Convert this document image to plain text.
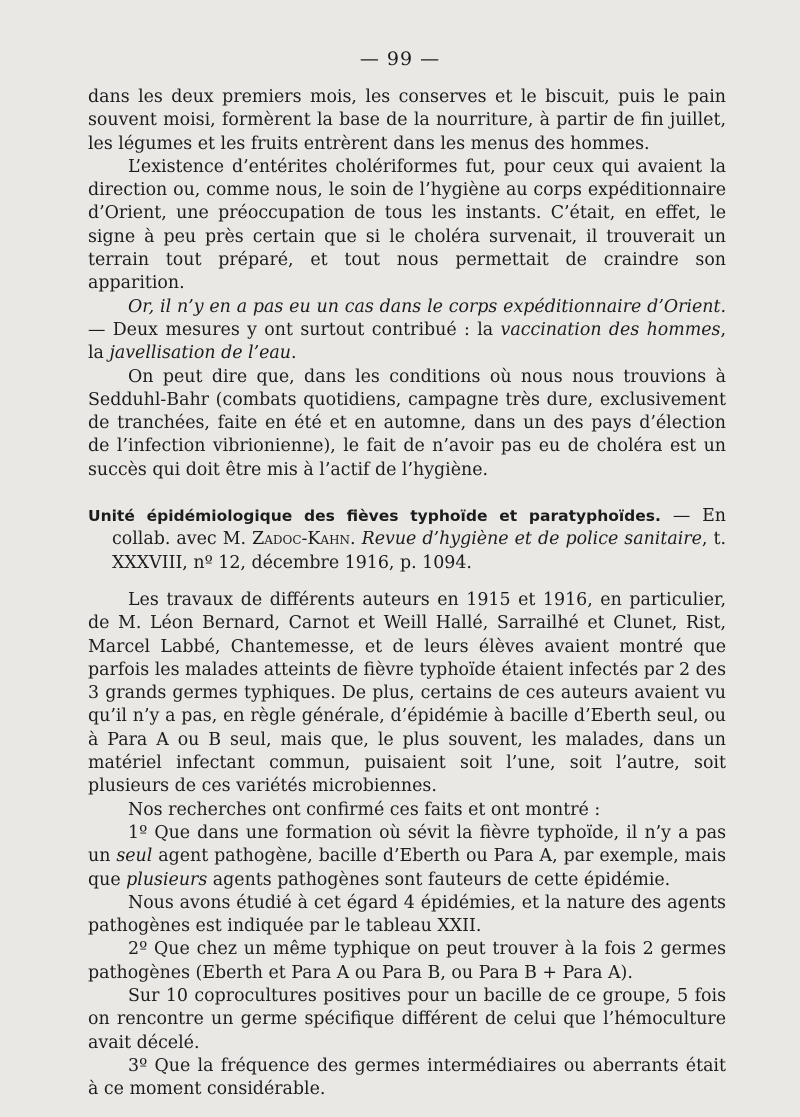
— 99 —

dans les deux premiers mois, les conserves et le biscuit, puis le pain souvent moisi, formèrent la base de la nourriture, à partir de fin juillet, les légumes et les fruits entrèrent dans les menus des hommes.

L’existence d’entérites cholériformes fut, pour ceux qui avaient la direction ou, comme nous, le soin de l’hygiène au corps expéditionnaire d’Orient, une préoccupation de tous les instants. C’était, en effet, le signe à peu près certain que si le choléra survenait, il trouverait un terrain tout préparé, et tout nous permettait de craindre son apparition.

Or, il n’y en a pas eu un cas dans le corps expéditionnaire d’Orient. — Deux mesures y ont surtout contribué : la vaccination des hommes, la javellisation de l’eau.

On peut dire que, dans les conditions où nous nous trouvions à Sedduhl-Bahr (combats quotidiens, campagne très dure, exclusivement de tranchées, faite en été et en automne, dans un des pays d’élection de l’infection vibrionienne), le fait de n’avoir pas eu de choléra est un succès qui doit être mis à l’actif de l’hygiène.

Unité épidémiologique des fièves typhoïde et paratyphoïdes. — En collab. avec M. Zadoc-Kahn. Revue d’hygiène et de police sanitaire, t. XXXVIII, nº 12, décembre 1916, p. 1094.

Les travaux de différents auteurs en 1915 et 1916, en particulier, de M. Léon Bernard, Carnot et Weill Hallé, Sarrailhé et Clunet, Rist, Marcel Labbé, Chantemesse, et de leurs élèves avaient montré que parfois les malades atteints de fièvre typhoïde étaient infectés par 2 des 3 grands germes typhiques. De plus, certains de ces auteurs avaient vu qu’il n’y a pas, en règle générale, d’épidémie à bacille d’Eberth seul, ou à Para A ou B seul, mais que, le plus souvent, les malades, dans un matériel infectant commun, puisaient soit l’une, soit l’autre, soit plusieurs de ces variétés microbiennes.

Nos recherches ont confirmé ces faits et ont montré :

1º Que dans une formation où sévit la fièvre typhoïde, il n’y a pas un seul agent pathogène, bacille d’Eberth ou Para A, par exemple, mais que plusieurs agents pathogènes sont fauteurs de cette épidémie.

Nous avons étudié à cet égard 4 épidémies, et la nature des agents pathogènes est indiquée par le tableau XXII.

2º Que chez un même typhique on peut trouver à la fois 2 germes pathogènes (Eberth et Para A ou Para B, ou Para B + Para A).

Sur 10 coprocultures positives pour un bacille de ce groupe, 5 fois on rencontre un germe spécifique différent de celui que l’hémoculture avait décelé.

3º Que la fréquence des germes intermédiaires ou aberrants était à ce moment considérable.
